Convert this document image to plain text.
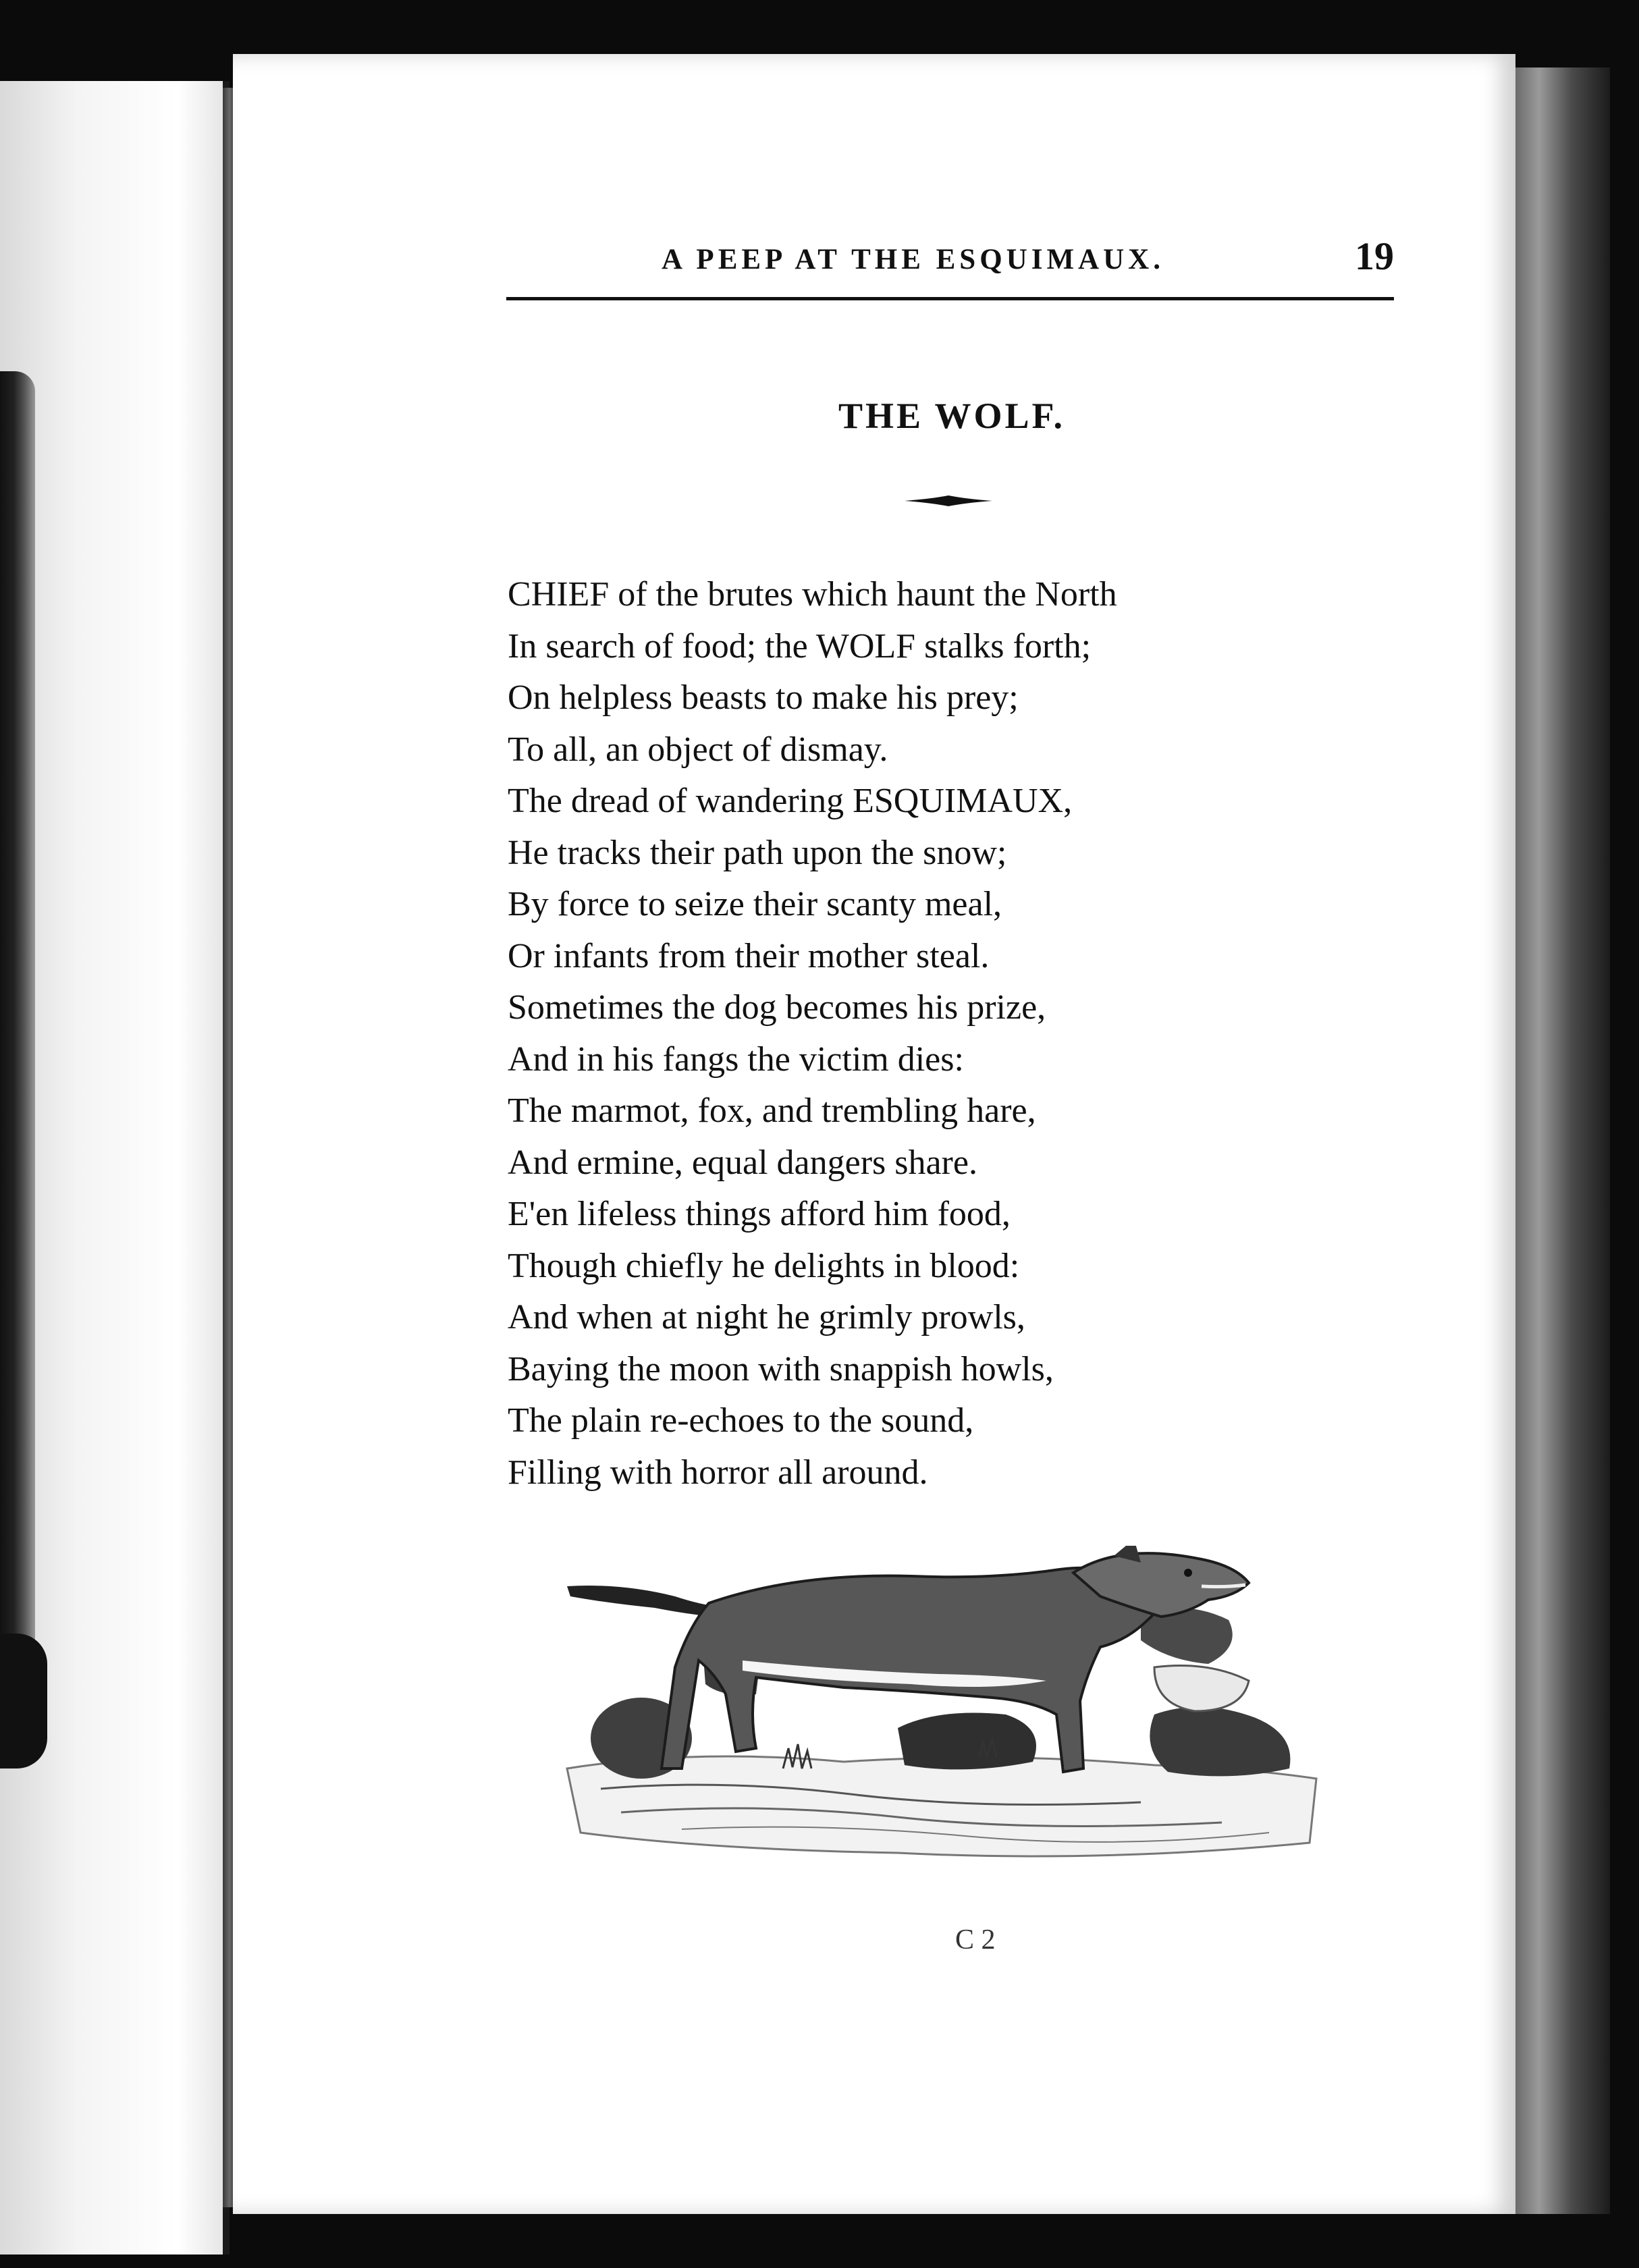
A PEEP AT THE ESQUIMAUX.	19
THE WOLF.
CHIEF of the brutes which haunt the North
In search of food; the WOLF stalks forth;
On helpless beasts to make his prey;
To all, an object of dismay.
The dread of wandering ESQUIMAUX,
He tracks their path upon the snow;
By force to seize their scanty meal,
Or infants from their mother steal.
Sometimes the dog becomes his prize,
And in his fangs the victim dies:
The marmot, fox, and trembling hare,
And ermine, equal dangers share.
E'en lifeless things afford him food,
Though chiefly he delights in blood:
And when at night he grimly prowls,
Baying the moon with snappish howls,
The plain re-echoes to the sound,
Filling with horror all around.
C 2
